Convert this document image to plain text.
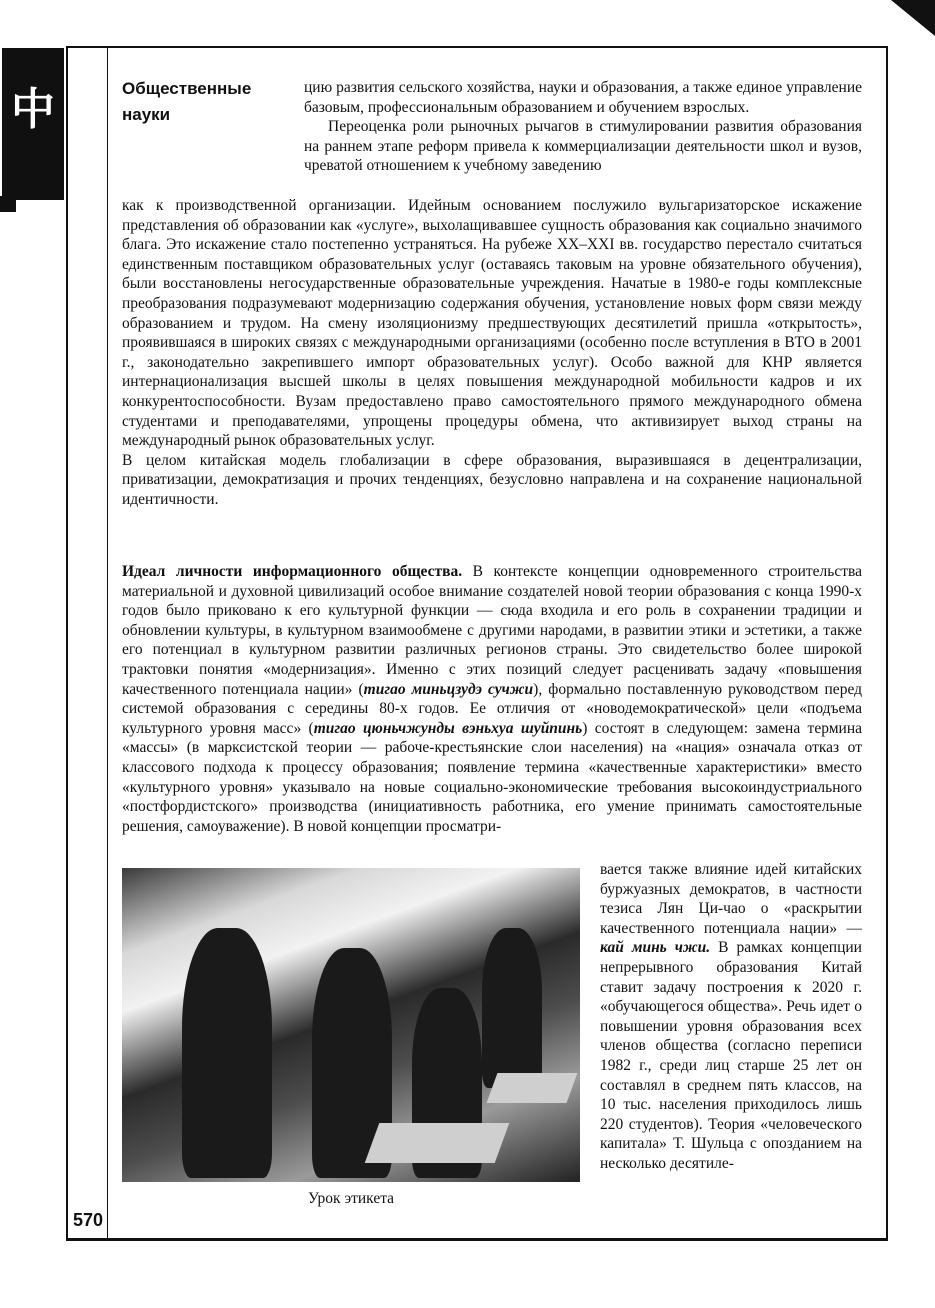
中
570
Общественные науки

цию развития сельского хозяйства, науки и образования, а также единое управление базовым, профессиональным образованием и обучением взрослых.

Переоценка роли рыночных рычагов в стимулировании развития образования на раннем этапе реформ привела к коммерциализации деятельности школ и вузов, чреватой отношением к учебному заведению

как к производственной организации. Идейным основанием послужило вульгаризаторское искажение представления об образовании как «услуге», выхолащивавшее сущность образования как социально значимого блага. Это искажение стало постепенно устраняться. На рубеже XX–XXI вв. государство перестало считаться единственным поставщиком образовательных услуг (оставаясь таковым на уровне обязательного обучения), были восстановлены негосударственные образовательные учреждения. Начатые в 1980-е годы комплексные преобразования подразумевают модернизацию содержания обучения, установление новых форм связи между образованием и трудом. На смену изоляционизму предшествующих десятилетий пришла «открытость», проявившаяся в широких связях с международными организациями (особенно после вступления в ВТО в 2001 г., законодательно закрепившего импорт образовательных услуг). Особо важной для КНР является интернационализация высшей школы в целях повышения международной мобильности кадров и их конкурентоспособности. Вузам предоставлено право самостоятельного прямого международного обмена студентами и преподавателями, упрощены процедуры обмена, что активизирует выход страны на международный рынок образовательных услуг.

В целом китайская модель глобализации в сфере образования, выразившаяся в децентрализации, приватизации, демократизация и прочих тенденциях, безусловно направлена и на сохранение национальной идентичности.

Идеал личности информационного общества. В контексте концепции одновременного строительства материальной и духовной цивилизаций особое внимание создателей новой теории образования с конца 1990-х годов было приковано к его культурной функции — сюда входила и его роль в сохранении традиции и обновлении культуры, в культурном взаимообмене с другими народами, в развитии этики и эстетики, а также его потенциал в культурном развитии различных регионов страны. Это свидетельство более широкой трактовки понятия «модернизация». Именно с этих позиций следует расценивать задачу «повышения качественного потенциала нации» (тигао миньцзудэ сучжи), формально поставленную руководством перед системой образования с середины 80-х годов. Ее отличия от «новодемократической» цели «подъема культурного уровня масс» (тигао цюньчжунды вэньхуа шуйпинь) состоят в следующем: замена термина «массы» (в марксистской теории — рабоче-крестьянские слои населения) на «нация» означала отказ от классового подхода к процессу образования; появление термина «качественные характеристики» вместо «культурного уровня» указывало на новые социально-экономические требования высокоиндустриального «постфордистского» производства (инициативность работника, его умение принимать самостоятельные решения, самоуважение). В новой концепции просматри-

Урок этикета

вается также влияние идей китайских буржуазных демократов, в частности тезиса Лян Ци-чао о «раскрытии качественного потенциала нации» — кай минь чжи. В рамках концепции непрерывного образования Китай ставит задачу построения к 2020 г. «обучающегося общества». Речь идет о повышении уровня образования всех членов общества (согласно переписи 1982 г., среди лиц старше 25 лет он составлял в среднем пять классов, на 10 тыс. населения приходилось лишь 220 студентов). Теория «человеческого капитала» Т. Шульца с опозданием на несколько десятиле-
